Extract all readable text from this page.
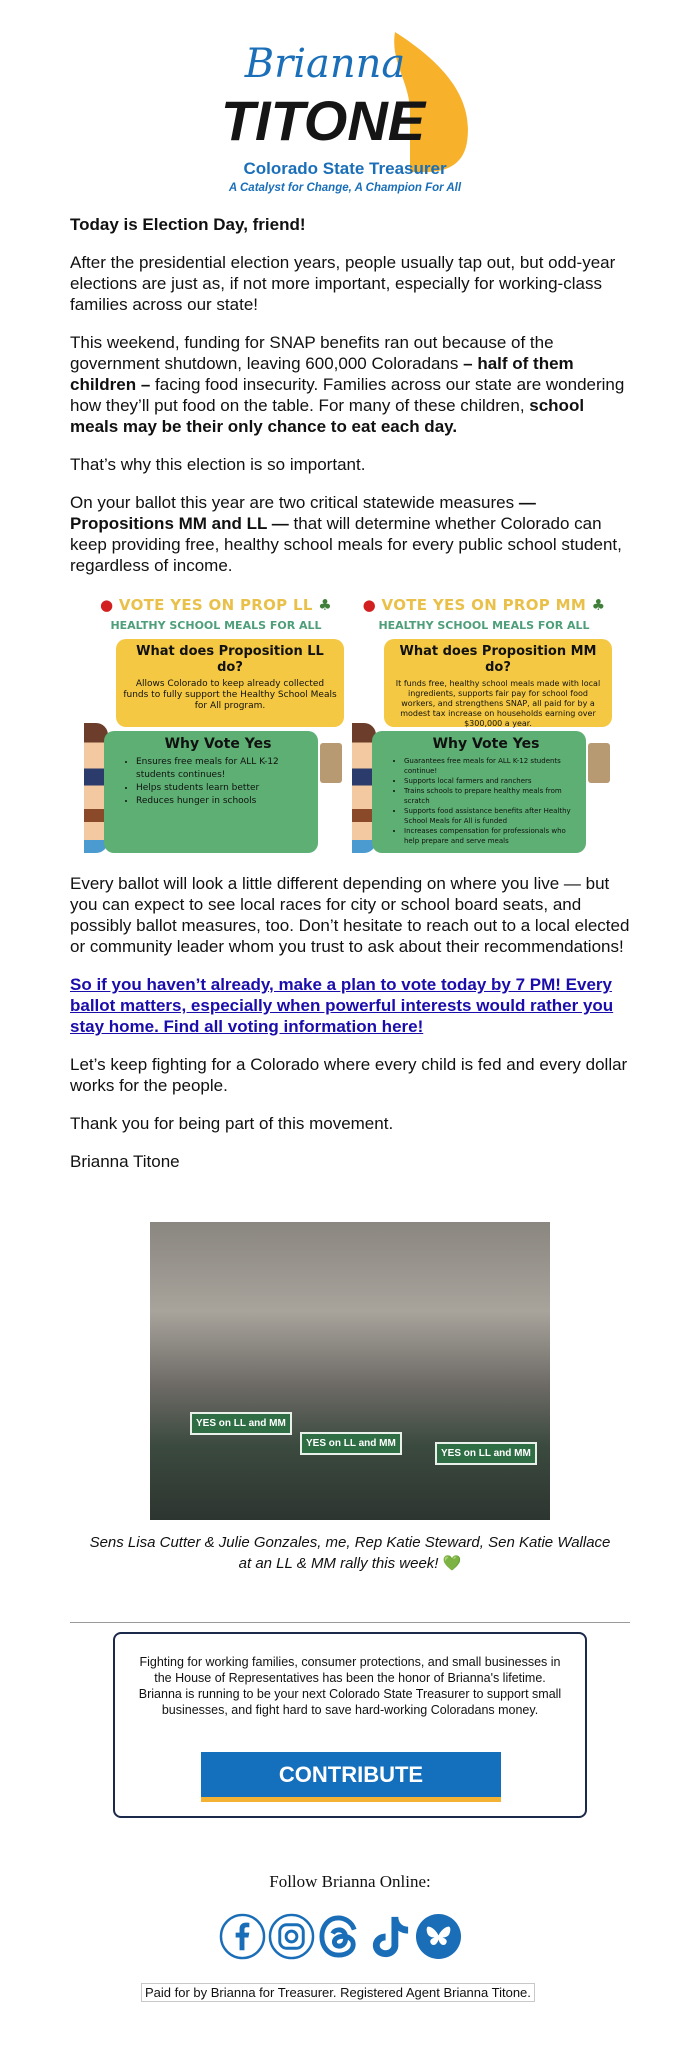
Brianna
TITONE
Colorado State Treasurer
A Catalyst for Change, A Champion For All

Today is Election Day, friend!

After the presidential election years, people usually tap out, but odd-year elections are just as, if not more important, especially for working-class families across our state!

This weekend, funding for SNAP benefits ran out because of the government shutdown, leaving 600,000 Coloradans – half of them children – facing food insecurity. Families across our state are wondering how they’ll put food on the table. For many of these children, school meals may be their only chance to eat each day.

That’s why this election is so important.

On your ballot this year are two critical statewide measures — Propositions MM and LL — that will determine whether Colorado can keep providing free, healthy school meals for every public school student, regardless of income.

● VOTE YES ON PROP LL ♣
HEALTHY SCHOOL MEALS FOR ALL
What does Proposition LL do?
Allows Colorado to keep already collected funds to fully support the Healthy School Meals for All program.
Why Vote Yes
• Ensures free meals for ALL K-12 students continues!
• Helps students learn better
• Reduces hunger in schools
● VOTE YES ON PROP MM ♣
HEALTHY SCHOOL MEALS FOR ALL
What does Proposition MM do?
It funds free, healthy school meals made with local ingredients, supports fair pay for school food workers, and strengthens SNAP, all paid for by a modest tax increase on households earning over $300,000 a year.
Why Vote Yes
• Guarantees free meals for ALL K-12 students continue!
• Supports local farmers and ranchers
• Trains schools to prepare healthy meals from scratch
• Supports food assistance benefits after Healthy School Meals for All is funded
• Increases compensation for professionals who help prepare and serve meals

Every ballot will look a little different depending on where you live — but you can expect to see local races for city or school board seats, and possibly ballot measures, too. Don’t hesitate to reach out to a local elected or community leader whom you trust to ask about their recommendations!

So if you haven’t already, make a plan to vote today by 7 PM! Every ballot matters, especially when powerful interests would rather you stay home. Find all voting information here!

Let’s keep fighting for a Colorado where every child is fed and every dollar works for the people.

Thank you for being part of this movement.

Brianna Titone

YES on LL and MM
YES on LL and MM
YES on LL and MM
Sens Lisa Cutter & Julie Gonzales, me, Rep Katie Steward, Sen Katie Wallace
at an LL & MM rally this week! 💚

Fighting for working families, consumer protections, and small businesses in the House of Representatives has been the honor of Brianna's lifetime. Brianna is running to be your next Colorado State Treasurer to support small businesses, and fight hard to save hard-working Coloradans money.

CONTRIBUTE
Follow Brianna Online:
Paid for by Brianna for Treasurer. Registered Agent Brianna Titone.
